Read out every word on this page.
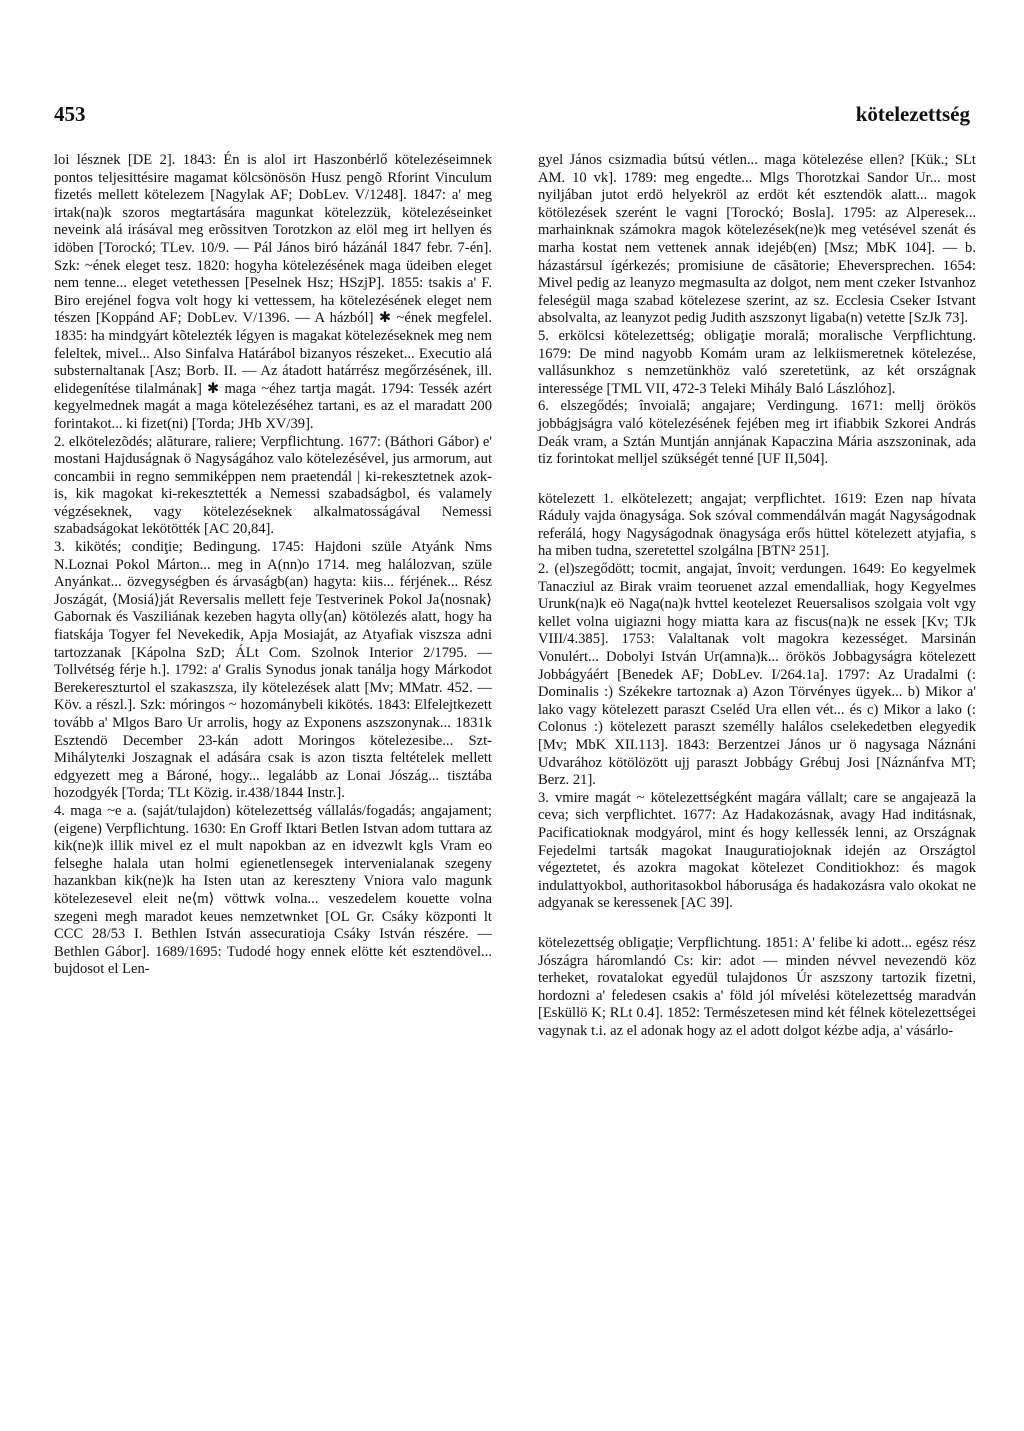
453	kötelezettség

loi lésznek [DE 2]. 1843: Én is alol irt Haszonbérlő kötelezéseimnek pontos teljesittésire magamat kölcsönösön Husz pengõ Rforint Vinculum fizetés mellett kötelezem [Nagylak AF; DobLev. V/1248]. 1847: a' meg irtak(na)k szoros megtartására magunkat kötelezzük, kötelezéseinket neveink alá irásával meg erõssitven Torotzkon az elöl meg irt hellyen és idöben [Torockó; TLev. 10/9. — Pál János biró házánál 1847 febr. 7-én]. Szk: ~ének eleget tesz. 1820: hogyha kötelezésének maga üdeiben eleget nem tenne... eleget vetethessen [Peselnek Hsz; HSzjP]. 1855: tsakis a' F. Biro erejénel fogva volt hogy ki vettessem, ha kötelezésének eleget nem tészen [Koppánd AF; DobLev. V/1396. — A házból] ✱ ~ének megfelel. 1835: ha mindgyárt kõtelezték légyen is magakat kötelezéseknek meg nem feleltek, mivel... Also Sinfalva Határábol bizanyos részeket... Executio alá substernaltanak [Asz; Borb. II. — Az átadott határrész megőrzésének, ill. elidegenítése tilalmának] ✱ maga ~éhez tartja magát. 1794: Tessék azért kegyelmednek magát a maga kötelezéséhez tartani, es az el maradatt 200 forintakot... ki fizet(ni) [Torda; JHb XV/39].

2. elkötelezõdés; alăturare, raliere; Verpflichtung. 1677: (Báthori Gábor) e' mostani Hajduságnak ö Nagyságához valo kötelezésével, jus armorum, aut concambii in regno semmiképpen nem praetendál | ki-rekesztetnek azok-is, kik magokat ki-rekesztették a Nemessi szabadságbol, és valamely végzéseknek, vagy kötelezéseknek alkalmatosságával Nemessi szabadságokat lekötötték [AC 20,84].

3. kikötés; condiţie; Bedingung. 1745: Hajdoni szüle Atyánk Nms N.Loznai Pokol Márton... meg in A(nn)o 1714. meg halálozvan, szüle Anyánkat... özvegységben és árvaságb(an) hagyta: kiis... férjének... Rész Joszágát, ⟨Mosiá⟩ját Reversalis mellett feje Testverinek Pokol Ja⟨nosnak⟩ Gabornak és Vasziliának kezeben hagyta olly⟨an⟩ kötölezés alatt, hogy ha fiatskája Togyer fel Nevekedik, Apja Mosiaját, az Atyafiak viszsza adni tartozzanak [Kápolna SzD; ÁLt Com. Szolnok Interior 2/1795. — Tollvétség férje h.]. 1792: a' Gralis Synodus jonak tanálja hogy Márkodot Berekereszturtol el szakaszsza, ily kötelezések alatt [Mv; MMatr. 452. — Köv. a részl.]. Szk: móringos ~ hozománybeli kikötés. 1843: Elfelejtkezett tovább a' Mlgos Baro Ur arrolis, hogy az Exponens aszszonynak... 1831k Esztendö December 23-kán adott Moringos kötelezesibe... Szt-Mihályteлki Joszagnak el adására csak is azon tiszta feltételek mellett edgyezett meg a Bárоné, hogy... legalább az Lonai Jószág... tisztába hozodgyék [Torda; TLt Közig. ir.438/1844 Instr.].

4. maga ~e a. (saját/tulajdon) kötelezettség vállalás/fogadás; angajament; (eigene) Verpflichtung. 1630: En Groff Iktari Betlen Istvan adom tuttara az kik(ne)k illik mivel ez el mult napokban az en idvezwlt kgls Vram eo felseghe halala utan holmi egienetlensegek intervenialanak szegeny hazankban kik(ne)k ha Isten utan az kereszteny Vniora valo magunk kötelezesevel eleit ne⟨m⟩ vöttwk volna... veszedelem kouette volna szegeni megh maradot keues nemzetwnket [OL Gr. Csáky központi lt CCC 28/53 I. Bethlen István assecuratioja Csáky István részére. — Bethlen Gábor]. 1689/1695: Tudodé hogy ennek elötte két esztendövel... bujdosot el Len-

gyel János csizmadia bútsú vétlen... maga kötelezése ellen? [Kük.; SLt AM. 10 vk]. 1789: meg engedte... Mlgs Thorotzkai Sandor Ur... most nyiljában jutot erdö helyekröl az erdöt két esztendök alatt... magok kötölezések szerént le vagni [Torockó; Bosla]. 1795: az Alperesek... marhainknak számokra magok kötelezések(ne)k meg vetésével szenát és marha kostat nem vettenek annak idejéb(en) [Msz; MbK 104]. — b. házastársul ígérkezés; promisiune de căsătorie; Eheversprechen. 1654: Mivel pedig az leanyzo megmasulta az dolgot, nem ment czeker Istvanhoz feleségül maga szabad kötelezese szerint, az sz. Ecclesia Cseker Istvant absolvalta, az leanyzot pedig Judith aszszonyt ligaba(n) vetette [SzJk 73].

5. erkölcsi kötelezettség; obligaţie morală; moralische Verpflichtung. 1679: De mind nagyobb Komám uram az lelkiismeretnek kötelezése, vallásunkhoz s nemzetünkhöz való szeretetünk, az két országnak interessége [TML VII, 472-3 Teleki Mihály Baló Lászlóhoz].

6. elszegődés; învoială; angajare; Verdingung. 1671: mellj örökös jobbágjságra való kötelezésének fejében meg irt ifiabbik Szkorei András Deák vram, a Sztán Muntján annjának Kapaczina Mária aszszoninak, ada tiz forintokat melljel szükségét tenné [UF II,504].

kötelezett 1. elkötelezett; angajat; verpflichtet. 1619: Ezen nap hívata Ráduly vajda önagysága. Sok szóval commendálván magát Nagyságodnak referálá, hogy Nagyságodnak önagysága erős hüttel kötelezett atyjafia, s ha miben tudna, szeretettel szolgálna [BTN² 251].

2. (el)szegődött; tocmit, angajat, învoit; verdungen. 1649: Eo kegyelmek Tanacziul az Birak vraim teoruenet azzal emendalliak, hogy Kegyelmes Urunk(na)k eö Naga(na)k hvttel keotelezet Reuersalisos szolgaia volt vgy kellet volna uigiazni hogy miatta kara az fiscus(na)k ne essek [Kv; TJk VIII/4.385]. 1753: Valaltanak volt magokra kezességet. Marsinán Vonulért... Dobolyi István Ur(amna)k... örökös Jobbagyságra kötelezett Jobbágyáért [Benedek AF; DobLev. I/264.1a]. 1797: Az Uradalmi (: Dominalis :) Székekre tartoznak a) Azon Törvényes ügyek... b) Mikor a' lako vagy kötelezett paraszt Cseléd Ura ellen vét... és c) Mikor a lako (: Colonus :) kötelezett paraszt személly halálos cselekedetben elegyedik [Mv; MbK XII.113]. 1843: Berzentzei János ur ö nagysaga Náznáni Udvarához kötölözött ujj paraszt Jobbágy Grébuj Josi [Náznánfva MT; Berz. 21].

3. vmire magát ~ kötelezettségként magára vállalt; care se angajează la ceva; sich verpflichtet. 1677: Az Hadakozásnak, avagy Had inditásnak, Pacificatioknak modgyárol, mint és hogy kellessék lenni, az Országnak Fejedelmi tartsák magokat Inauguratiojoknak idején az Országtol végeztetet, és azokra magokat kötelezet Conditiokhoz: és magok indulattyokbol, authoritasokbol háborusága és hadakozásra valo okokat ne adgyanak se keressenek [AC 39].

kötelezettség obligaţie; Verpflichtung. 1851: A' felibe ki adott... egész rész Jószágra háromlandó Cs: kir: adot — minden névvel nevezendö köz terheket, rovatalokat egyedül tulajdonos Úr aszszony tartozik fizetni, hordozni a' feledesen csakis a' föld jól mívelési kötelezettség maradván [Esküllö K; RLt 0.4]. 1852: Természetesen mind két félnek kötelezettségei vagynak t.i. az el adonak hogy az el adott dolgot kézbe adja, a' vásárlo-
